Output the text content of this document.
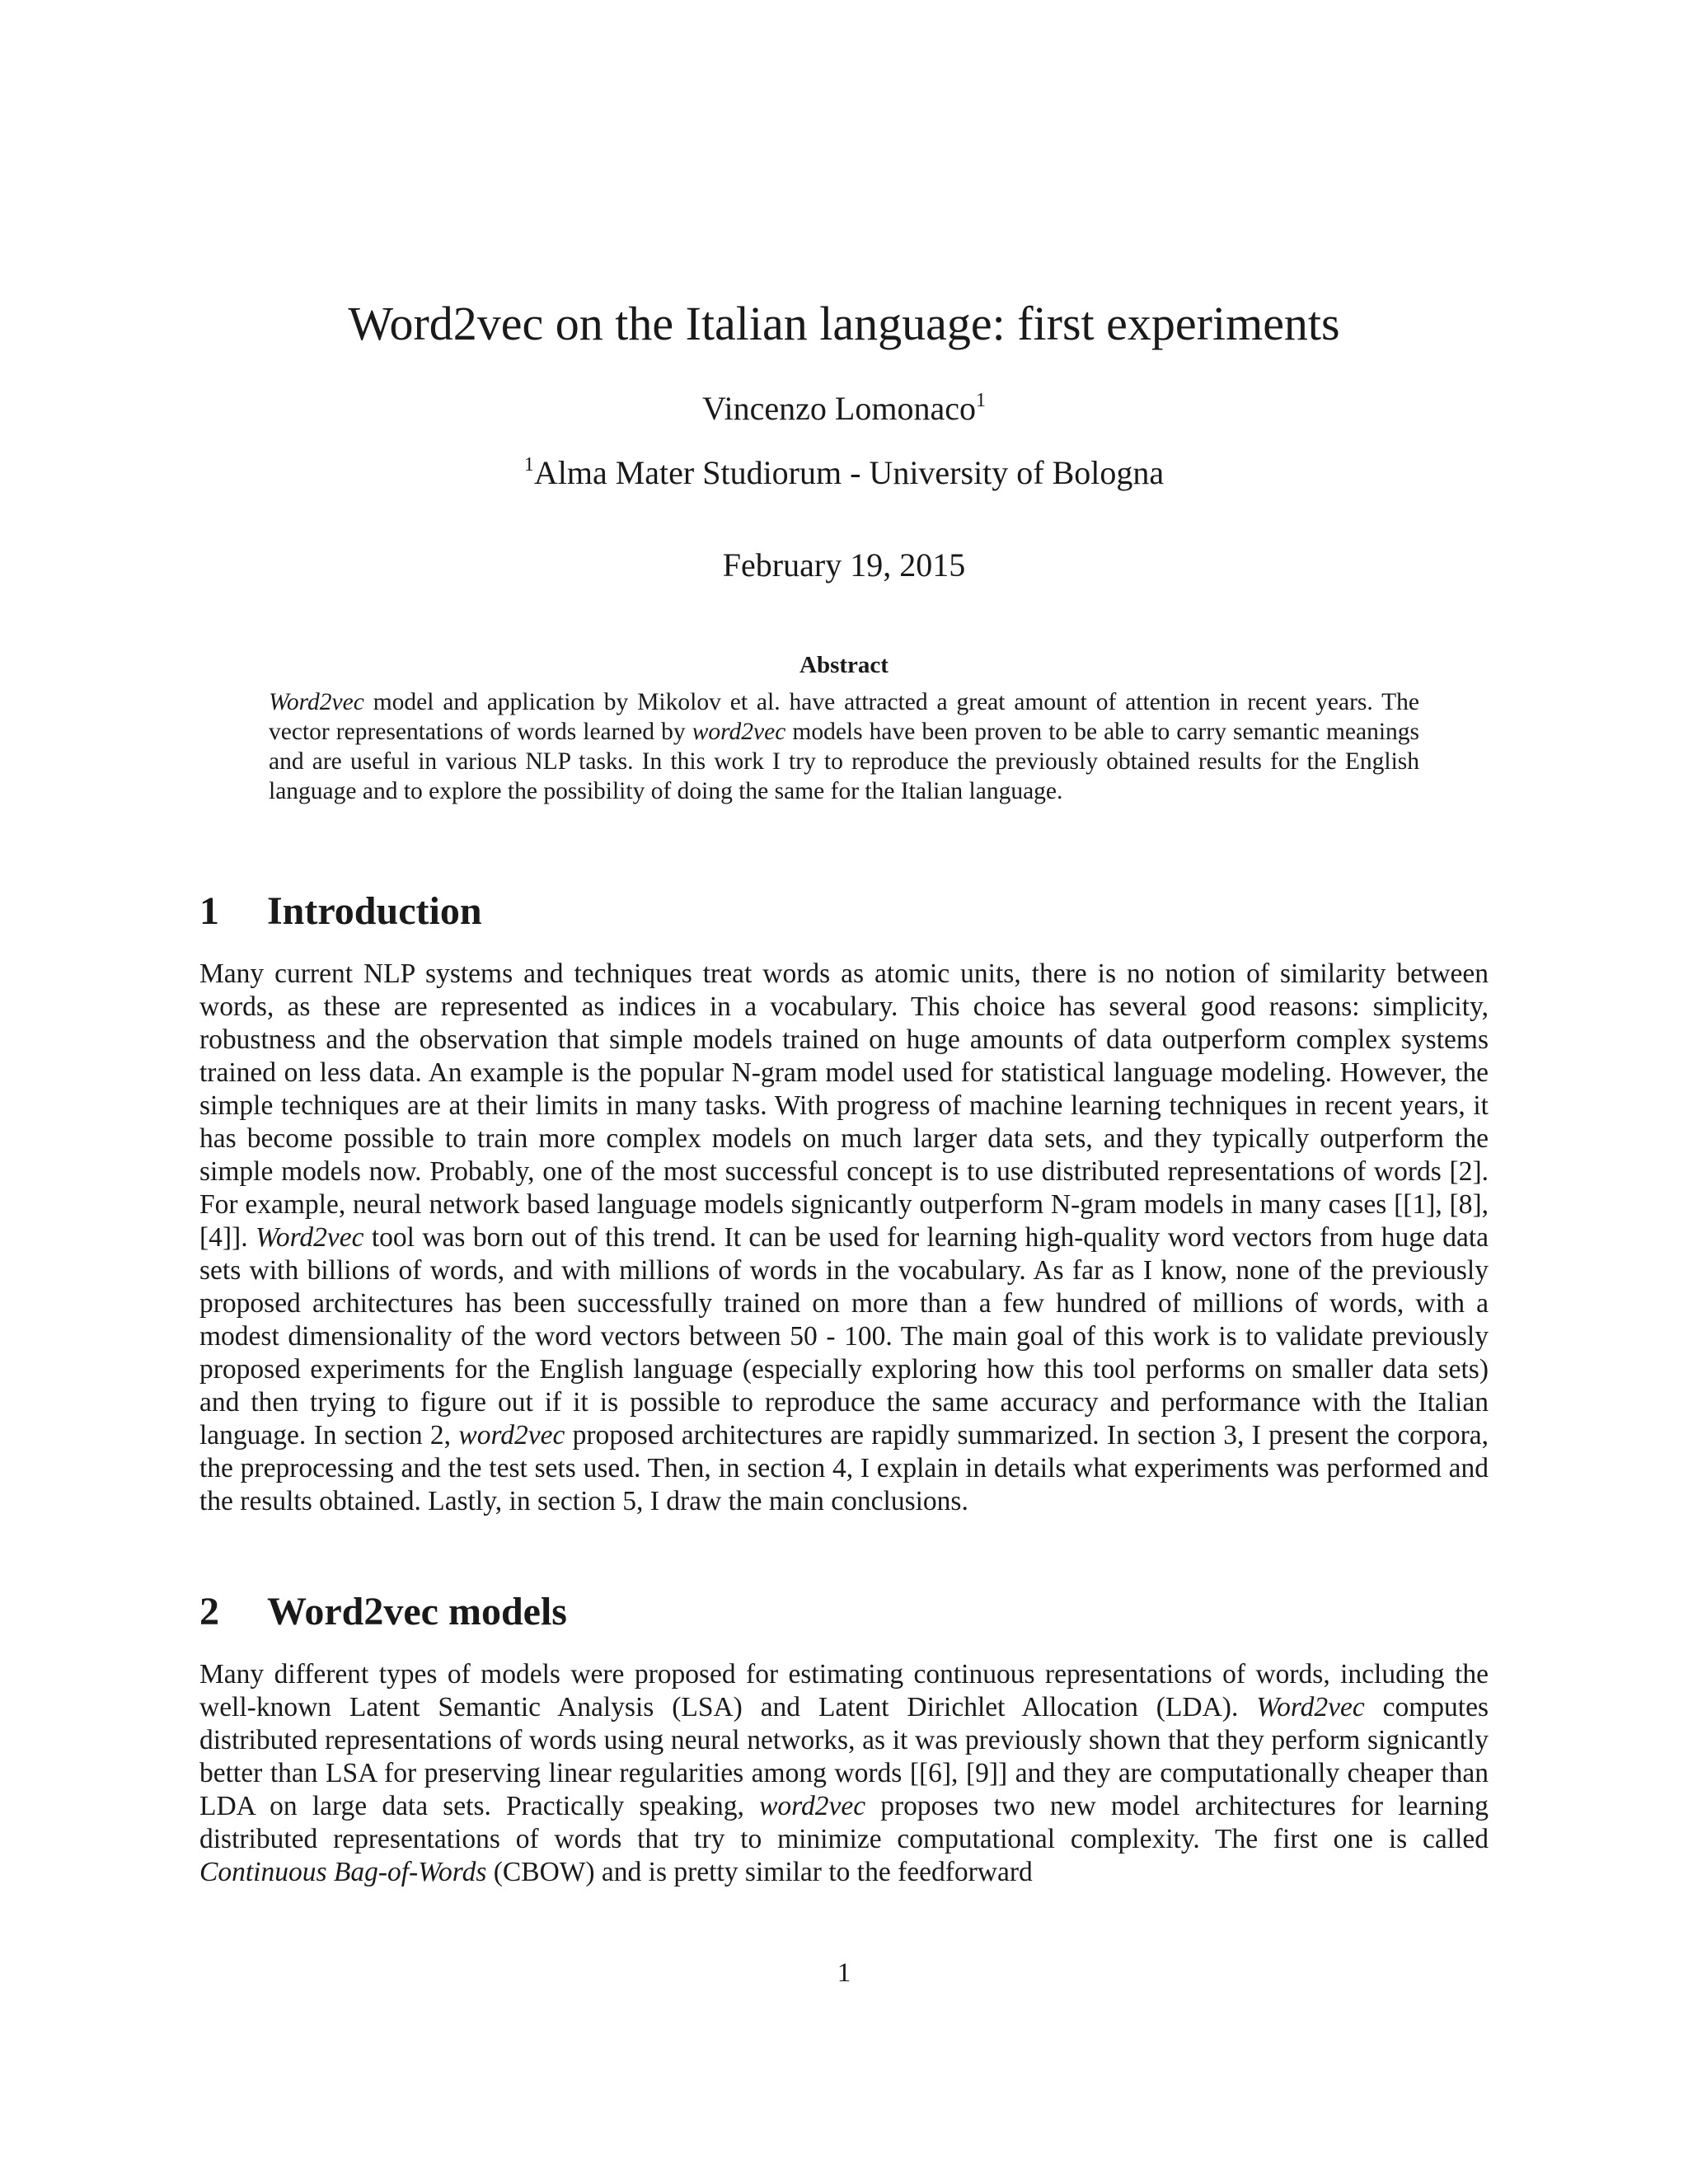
Word2vec on the Italian language: first experiments
Vincenzo Lomonaco$^1$
$^1$Alma Mater Studiorum - University of Bologna
February 19, 2015
Abstract
Word2vec model and application by Mikolov et al. have attracted a great amount of attention in recent years. The vector representations of words learned by word2vec models have been proven to be able to carry semantic meanings and are useful in various NLP tasks. In this work I try to reproduce the previously obtained results for the English language and to explore the possibility of doing the same for the Italian language.
1 Introduction
Many current NLP systems and techniques treat words as atomic units, there is no notion of similarity between words, as these are represented as indices in a vocabulary. This choice has several good reasons: simplicity, robustness and the observation that simple models trained on huge amounts of data outperform complex systems trained on less data. An example is the popular N-gram model used for statistical language modeling. However, the simple techniques are at their limits in many tasks. With progress of machine learning techniques in recent years, it has become possible to train more complex models on much larger data sets, and they typically outperform the simple models now. Probably, one of the most successful concept is to use distributed representations of words [2]. For example, neural network based language models signicantly outperform N-gram models in many cases [[1], [8], [4]]. Word2vec tool was born out of this trend. It can be used for learning high-quality word vectors from huge data sets with billions of words, and with millions of words in the vocabulary. As far as I know, none of the previously proposed architectures has been successfully trained on more than a few hundred of millions of words, with a modest dimensionality of the word vectors between 50 - 100. The main goal of this work is to validate previously proposed experiments for the English language (especially exploring how this tool performs on smaller data sets) and then trying to figure out if it is possible to reproduce the same accuracy and performance with the Italian language. In section 2, word2vec proposed architectures are rapidly summarized. In section 3, I present the corpora, the preprocessing and the test sets used. Then, in section 4, I explain in details what experiments was performed and the results obtained. Lastly, in section 5, I draw the main conclusions.
2 Word2vec models
Many different types of models were proposed for estimating continuous representations of words, including the well-known Latent Semantic Analysis (LSA) and Latent Dirichlet Allocation (LDA). Word2vec computes distributed representations of words using neural networks, as it was previously shown that they perform signicantly better than LSA for preserving linear regularities among words [[6], [9]] and they are computationally cheaper than LDA on large data sets. Practically speaking, word2vec proposes two new model architectures for learning distributed representations of words that try to minimize computational complexity. The first one is called Continuous Bag-of-Words (CBOW) and is pretty similar to the feedforward
1
